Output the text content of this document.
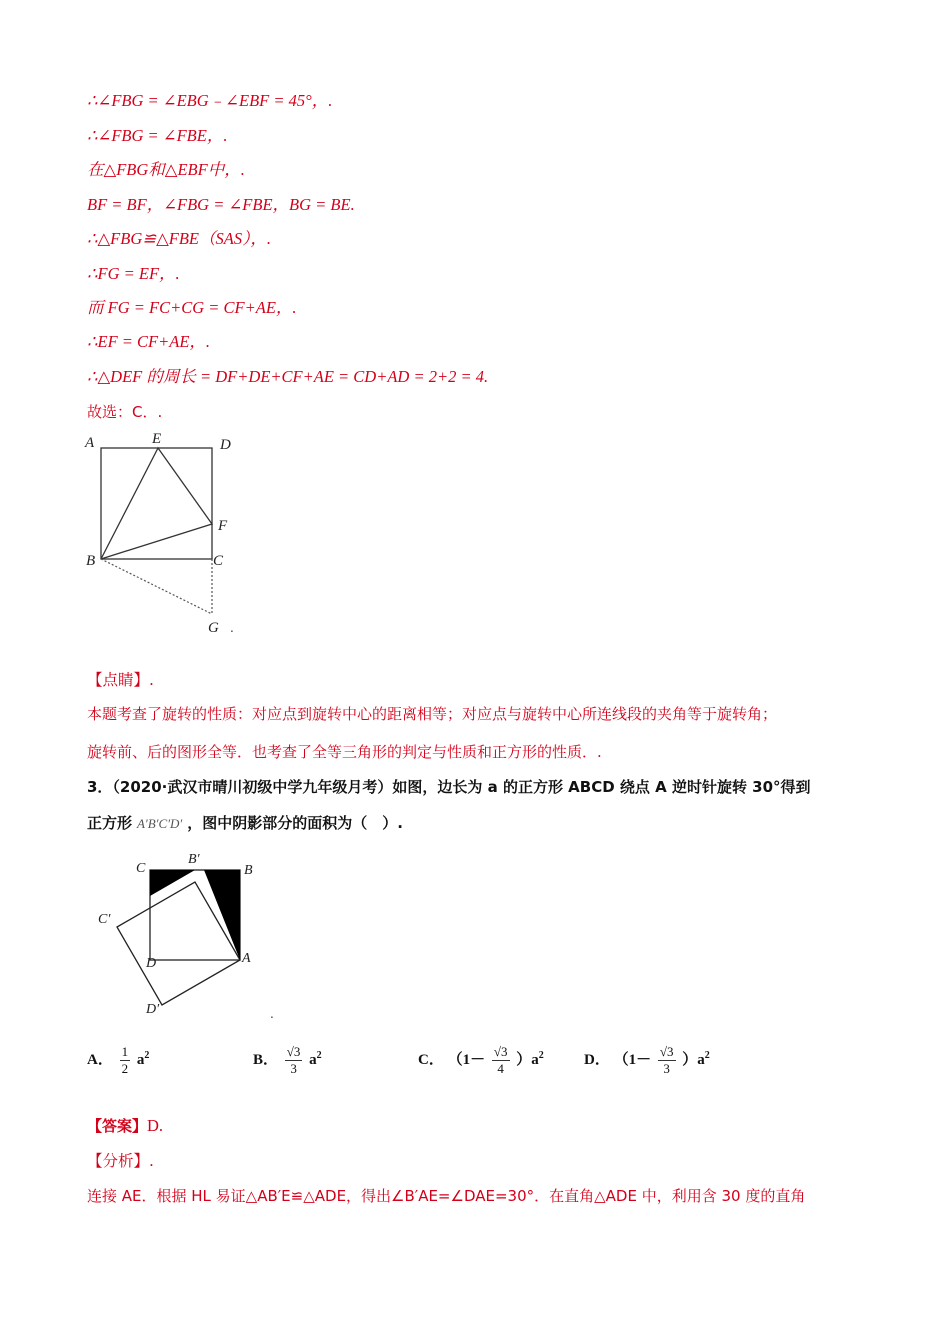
∴∠FBG = ∠EBG﹣∠EBF = 45°，.
∴∠FBG = ∠FBE，.
在△FBG和△EBF中，.
BF = BF，∠FBG = ∠FBE，BG = BE.
∴△FBG≌△FBE（SAS），.
∴FG = EF，.
而 FG = FC+CG = CF+AE，.
∴EF = CF+AE，.
∴△DEF 的周长 = DF+DE+CF+AE = CD+AD = 2+2 = 4.
故选：C．.
A	E	D
F
B	C
G .
【点睛】.
本题考查了旋转的性质：对应点到旋转中心的距离相等；对应点与旋转中心所连线段的夹角等于旋转角；
旋转前、后的图形全等．也考查了全等三角形的判定与性质和正方形的性质．.
3．（2020·武汉市晴川初级中学九年级月考）如图，边长为 a 的正方形 ABCD 绕点 A 逆时针旋转 30°得到
正方形 A′B′C′D′ ，图中阴影部分的面积为（　）.
C
B′
B
C′
D	A
D′	.
A． $\frac{1}{2} a^2$	B． $\frac{√3}{3} a^2$	C． $(1- \frac{√3}{4} )a^2$	D． $(1- \frac{√3}{3} )a^2$
【答案】D.
【分析】.
连接 AE．根据 HL 易证△AB′E≌△ADE，得出∠B′AE=∠DAE=30°．在直角△ADE 中，利用含 30 度的直角
